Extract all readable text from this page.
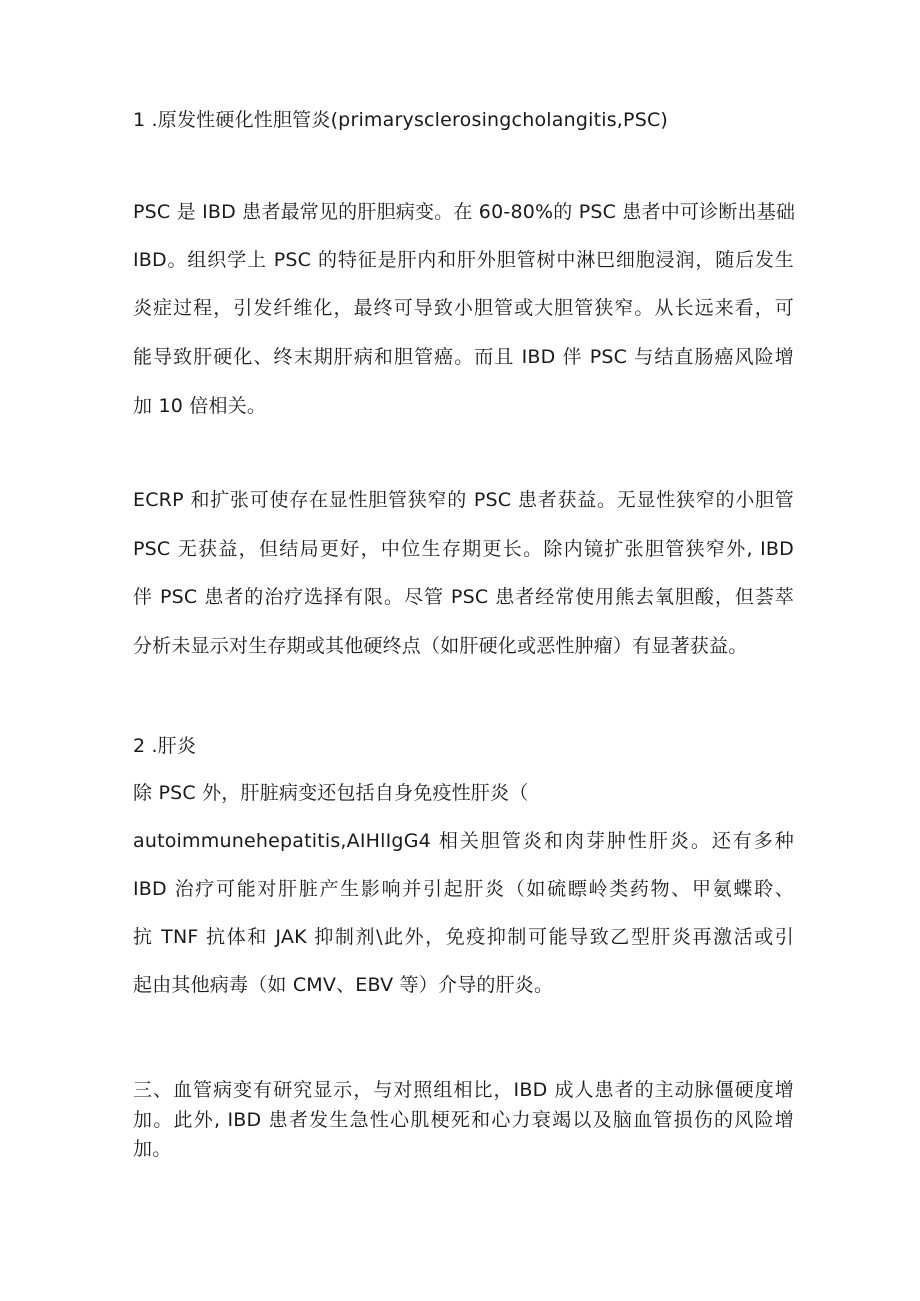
1 .原发性硬化性胆管炎(primarysclerosingcholangitis,PSC)
PSC 是 IBD 患者最常见的肝胆病变。在 60-80%的 PSC 患者中可诊断出基础
IBD。组织学上 PSC 的特征是肝内和肝外胆管树中淋巴细胞浸润，随后发生
炎症过程，引发纤维化，最终可导致小胆管或大胆管狭窄。从长远来看，可
能导致肝硬化、终末期肝病和胆管癌。而且 IBD 伴 PSC 与结直肠癌风险增
加 10 倍相关。
ECRP 和扩张可使存在显性胆管狭窄的 PSC 患者获益。无显性狭窄的小胆管
PSC 无获益，但结局更好，中位生存期更长。除内镜扩张胆管狭窄外, IBD
伴 PSC 患者的治疗选择有限。尽管 PSC 患者经常使用熊去氧胆酸，但荟萃
分析未显示对生存期或其他硬终点（如肝硬化或恶性肿瘤）有显著获益。
2 .肝炎
除 PSC 外，肝脏病变还包括自身免疫性肝炎（
autoimmunehepatitis,AIHlIgG4 相关胆管炎和肉芽肿性肝炎。还有多种
IBD 治疗可能对肝脏产生影响并引起肝炎（如硫瞟岭类药物、甲氨蝶聆、
抗 TNF 抗体和 JAK 抑制剂\此外，免疫抑制可能导致乙型肝炎再激活或引
起由其他病毒（如 CMV、EBV 等）介导的肝炎。
三、血管病变有研究显示，与对照组相比，IBD 成人患者的主动脉僵硬度增
加。此外, IBD 患者发生急性心肌梗死和心力衰竭以及脑血管损伤的风险增
加。
